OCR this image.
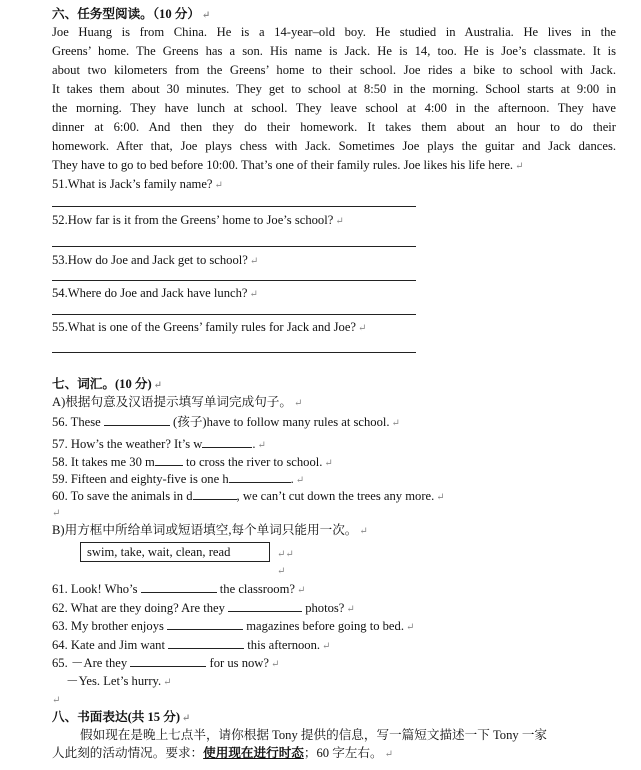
六、任务型阅读。（10 分） ↵
Joe Huang is from China. He is a 14-year–old boy. He studied in Australia. He lives in the
Greens’ home. The Greens has a son. His name is Jack. He is 14, too. He is Joe’s classmate. It is
about two kilometers from the Greens’ home to their school. Joe rides a bike to school with Jack.
It takes them about 30 minutes. They get to school at 8:50 in the morning. School starts at 9:00 in
the morning. They have lunch at school. They leave school at 4:00 in the afternoon. They have
dinner at 6:00. And then they do their homework. It takes them about an hour to do their
homework. After that, Joe plays chess with Jack. Sometimes Joe plays the guitar and Jack dances.
They have to go to bed before 10:00. That’s one of their family rules. Joe likes his life here. ↵
51.What is Jack’s family name? ↵
52.How far is it from the Greens’ home to Joe’s school? ↵
53.How do Joe and Jack get to school? ↵
54.Where do Joe and Jack have lunch? ↵
55.What is one of the Greens’ family rules for Jack and Joe? ↵
七、词汇。(10 分) ↵
A)根据句意及汉语提示填写单词完成句子。 ↵
56. These	(孩子)have to follow many rules at school. ↵
57. How’s the weather? It’s w	. ↵
58. It takes me 30 m to cross the river to school. ↵
59. Fifteen and eighty-five is one h	. ↵
60. To save the animals in d	, we can’t cut down the trees any more. ↵
↵
B)用方框中所给单词或短语填空,每个单词只能用一次。 ↵
swim, take, wait, clean, read	↵↵
↵
61. Look! Who’s	the classroom? ↵
62. What are they doing? Are they	photos? ↵
63. My brother enjoys	magazines before going to bed. ↵
64. Kate and Jim want	this afternoon. ↵
65. －Are they	for us now? ↵
－Yes. Let’s hurry. ↵
↵
八、书面表达(共 15 分) ↵
假如现在是晚上七点半，请你根据 Tony 提供的信息，写一篇短文描述一下 Tony 一家
人此刻的活动情况。要求：使用现在进行时态；60 字左右。 ↵
